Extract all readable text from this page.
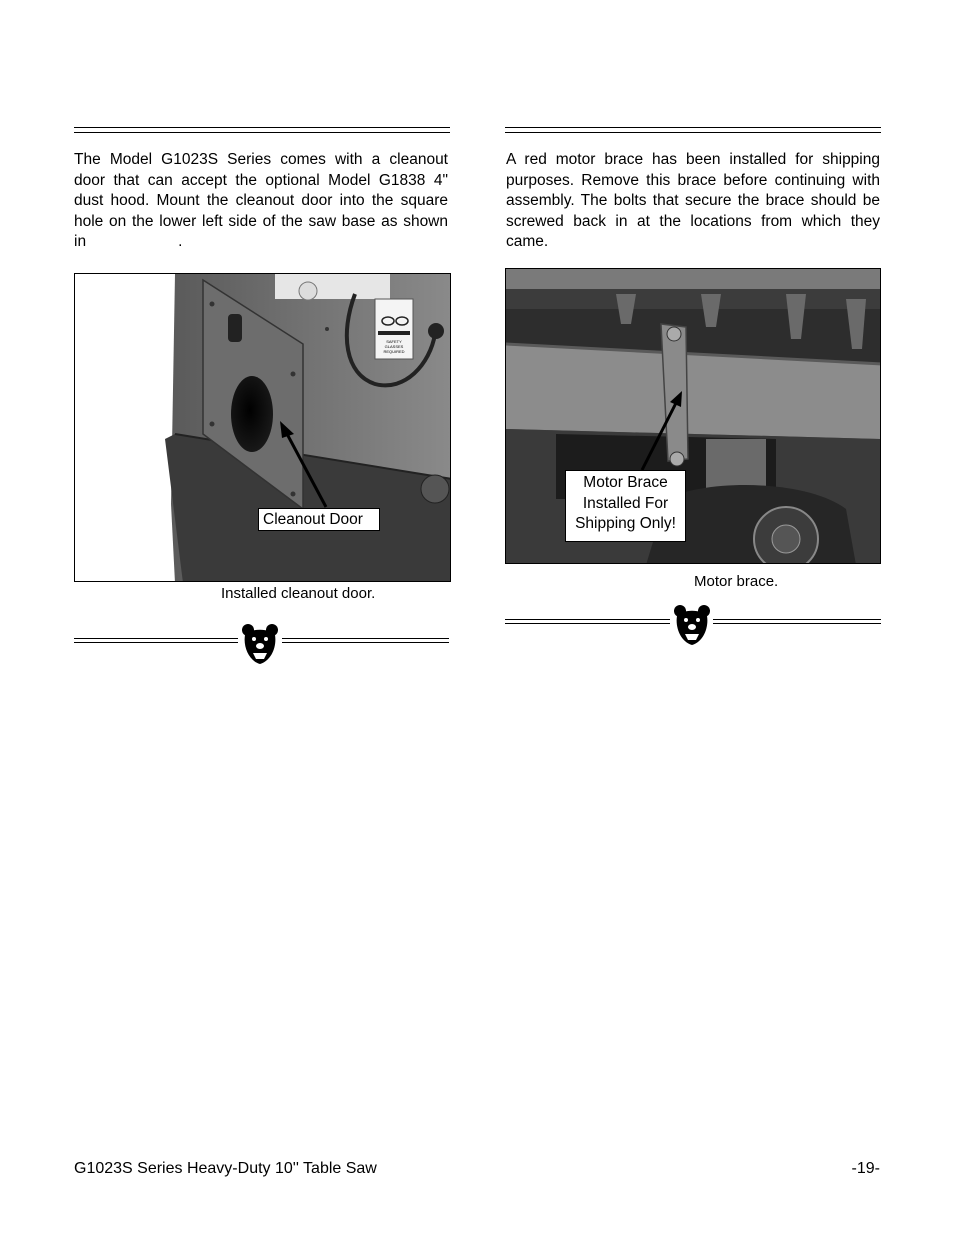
The Model G1023S Series comes with a cleanout door that can accept the optional Model G1838 4" dust hood. Mount the cleanout door into the square hole on the lower left side of the saw base as shown in	.
SAFETY
GLASSES
REQUIRED
Cleanout Door
Installed cleanout door.
A red motor brace has been installed for shipping purposes. Remove this brace before continuing with assembly. The bolts that secure the brace should be screwed back in at the locations from which they came.
Motor Brace
Installed For
Shipping Only!
Motor brace.
G1023S Series Heavy-Duty 10'' Table Saw	-19-
